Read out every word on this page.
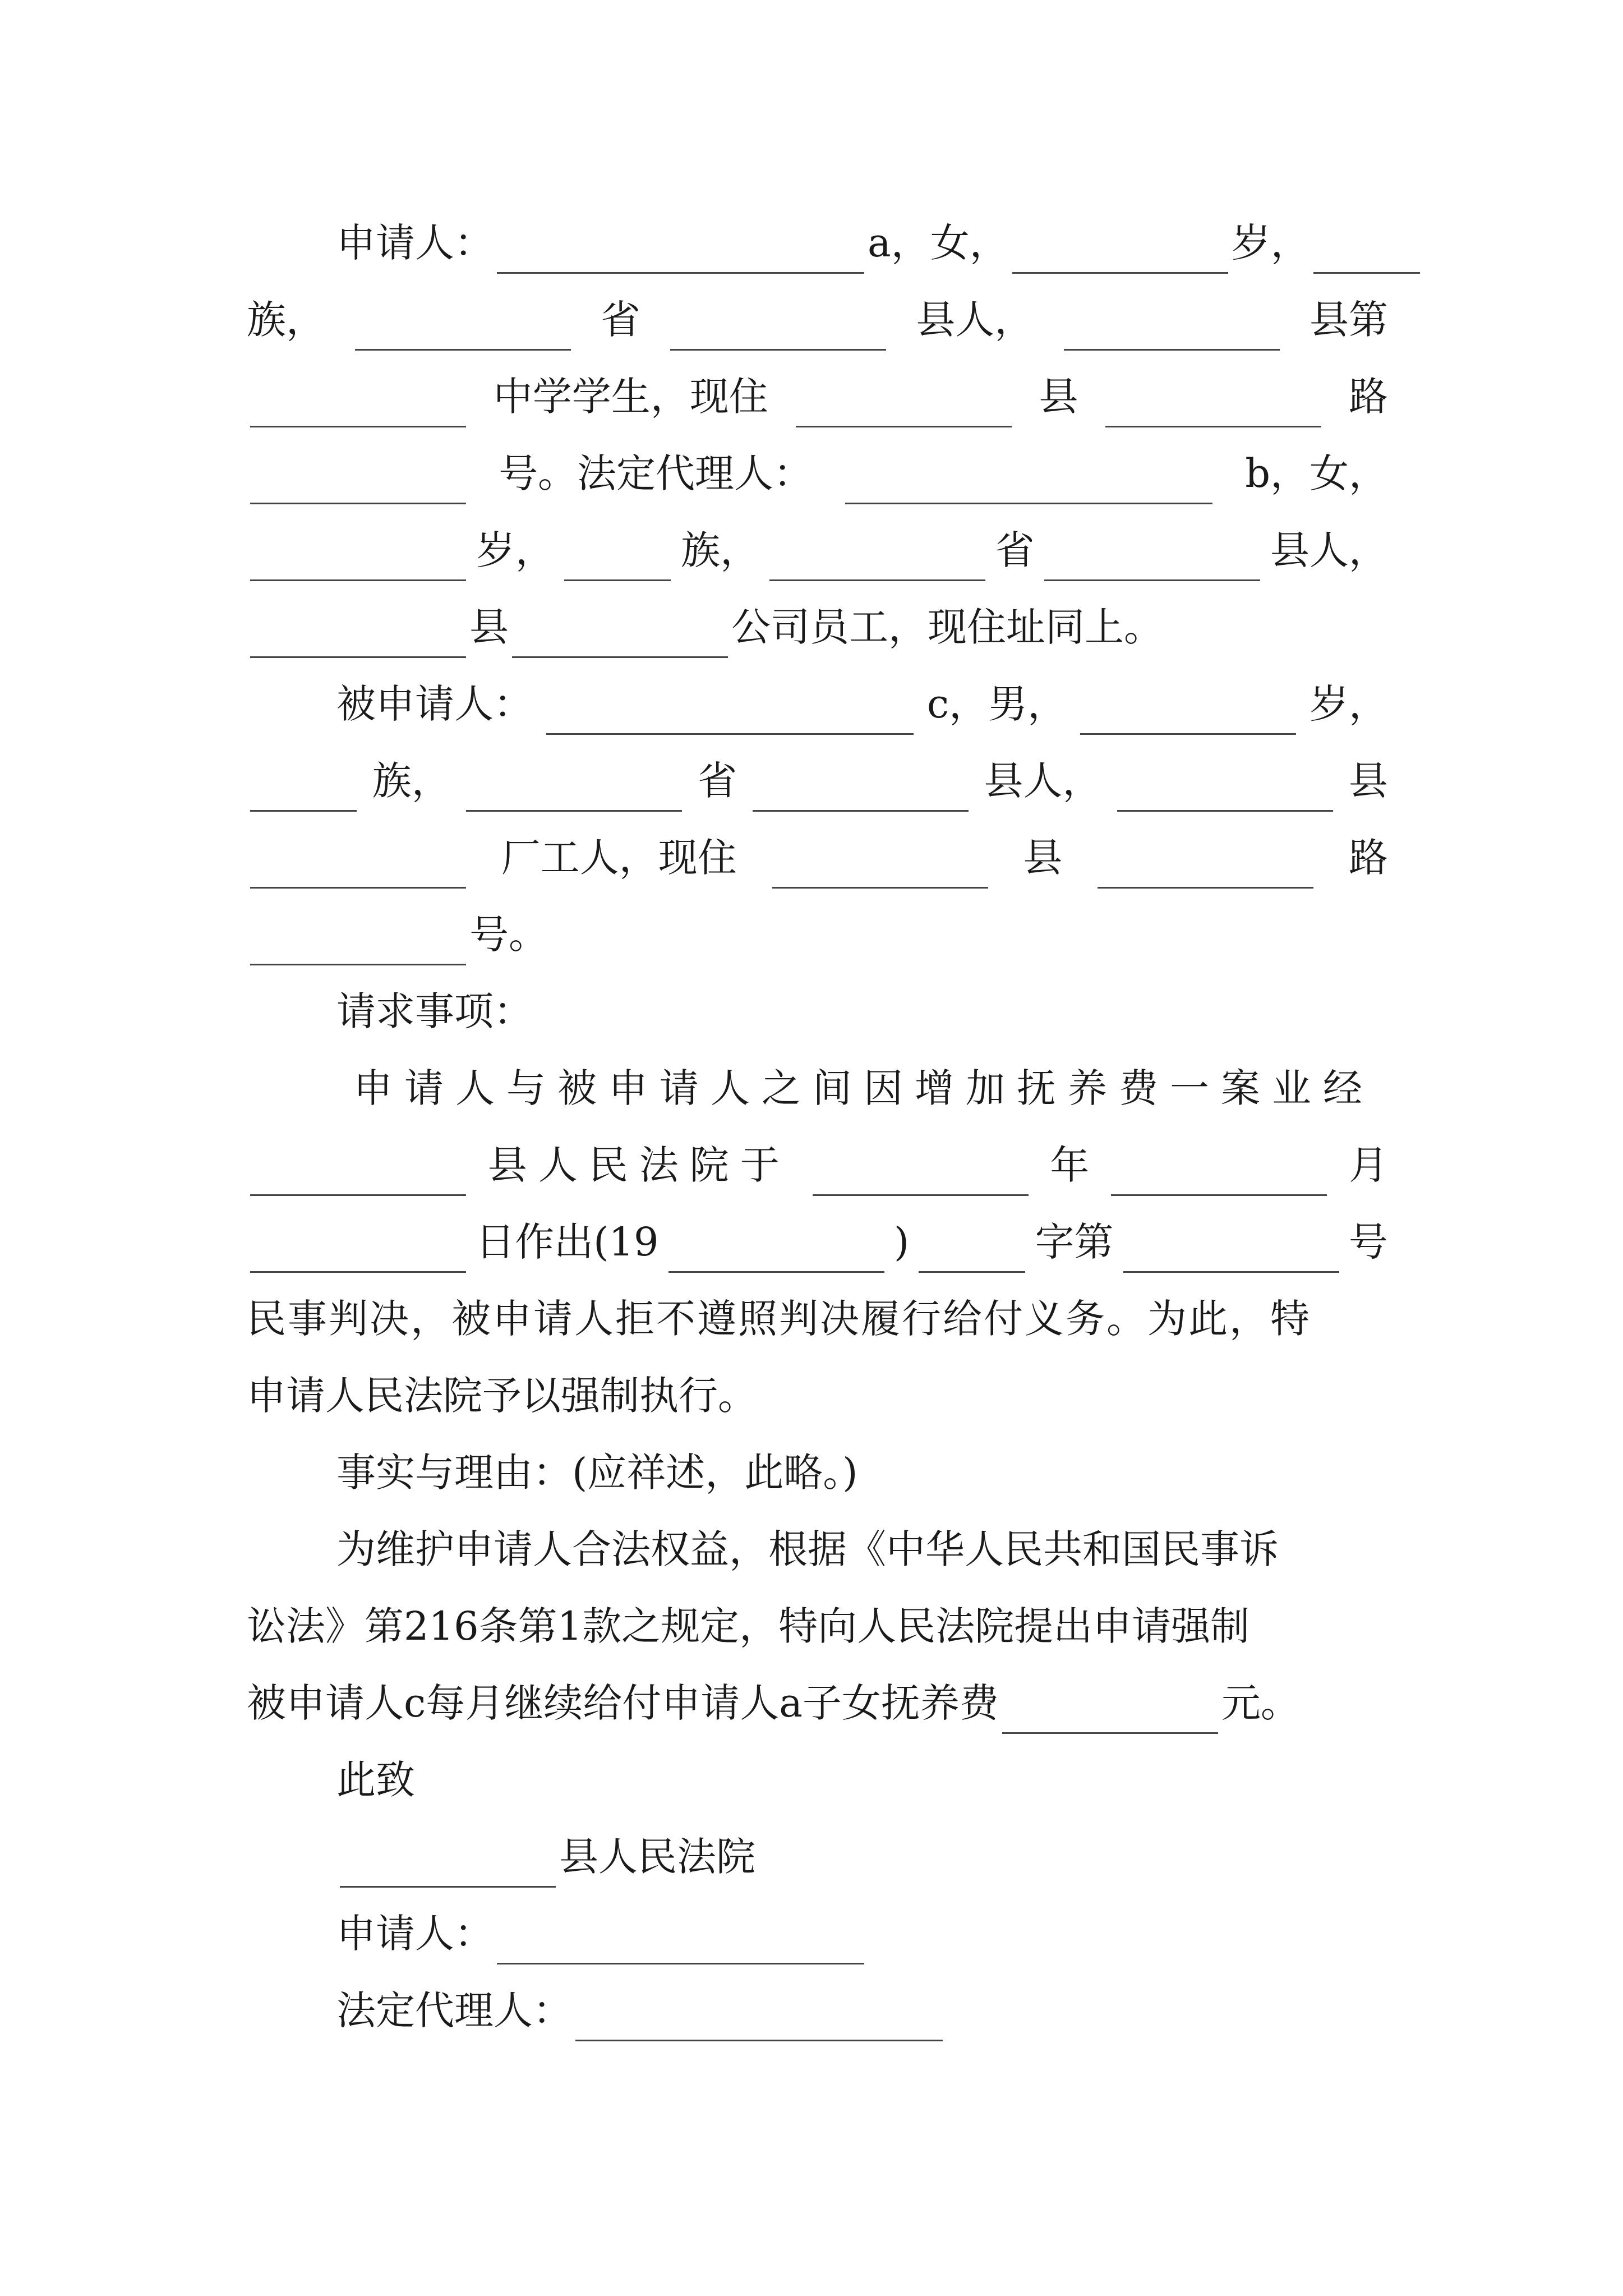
申请人：	a，女，	岁，
族，	省	县人，	县第
中学学生，现住	县	路
号。法定代理人：	b，女，
岁，	族，	省	县人，
县	公司员工，现住址同上。
被申请人：	c，男，	岁，
族，	省	县人，	县
厂工人，现住	县	路
号。
请求事项：
申请人与被申请人之间因增加抚养费一案业经
县人民法院于	年	月
日作出(19	)	字第	号
民事判决，被申请人拒不遵照判决履行给付义务。为此，特
申请人民法院予以强制执行。
事实与理由：(应祥述，此略。)
为维护申请人合法权益，根据《中华人民共和国民事诉
讼法》第216条第1款之规定，特向人民法院提出申请强制
被申请人c每月继续给付申请人a子女抚养费	元。
此致
县人民法院
申请人：
法定代理人：
